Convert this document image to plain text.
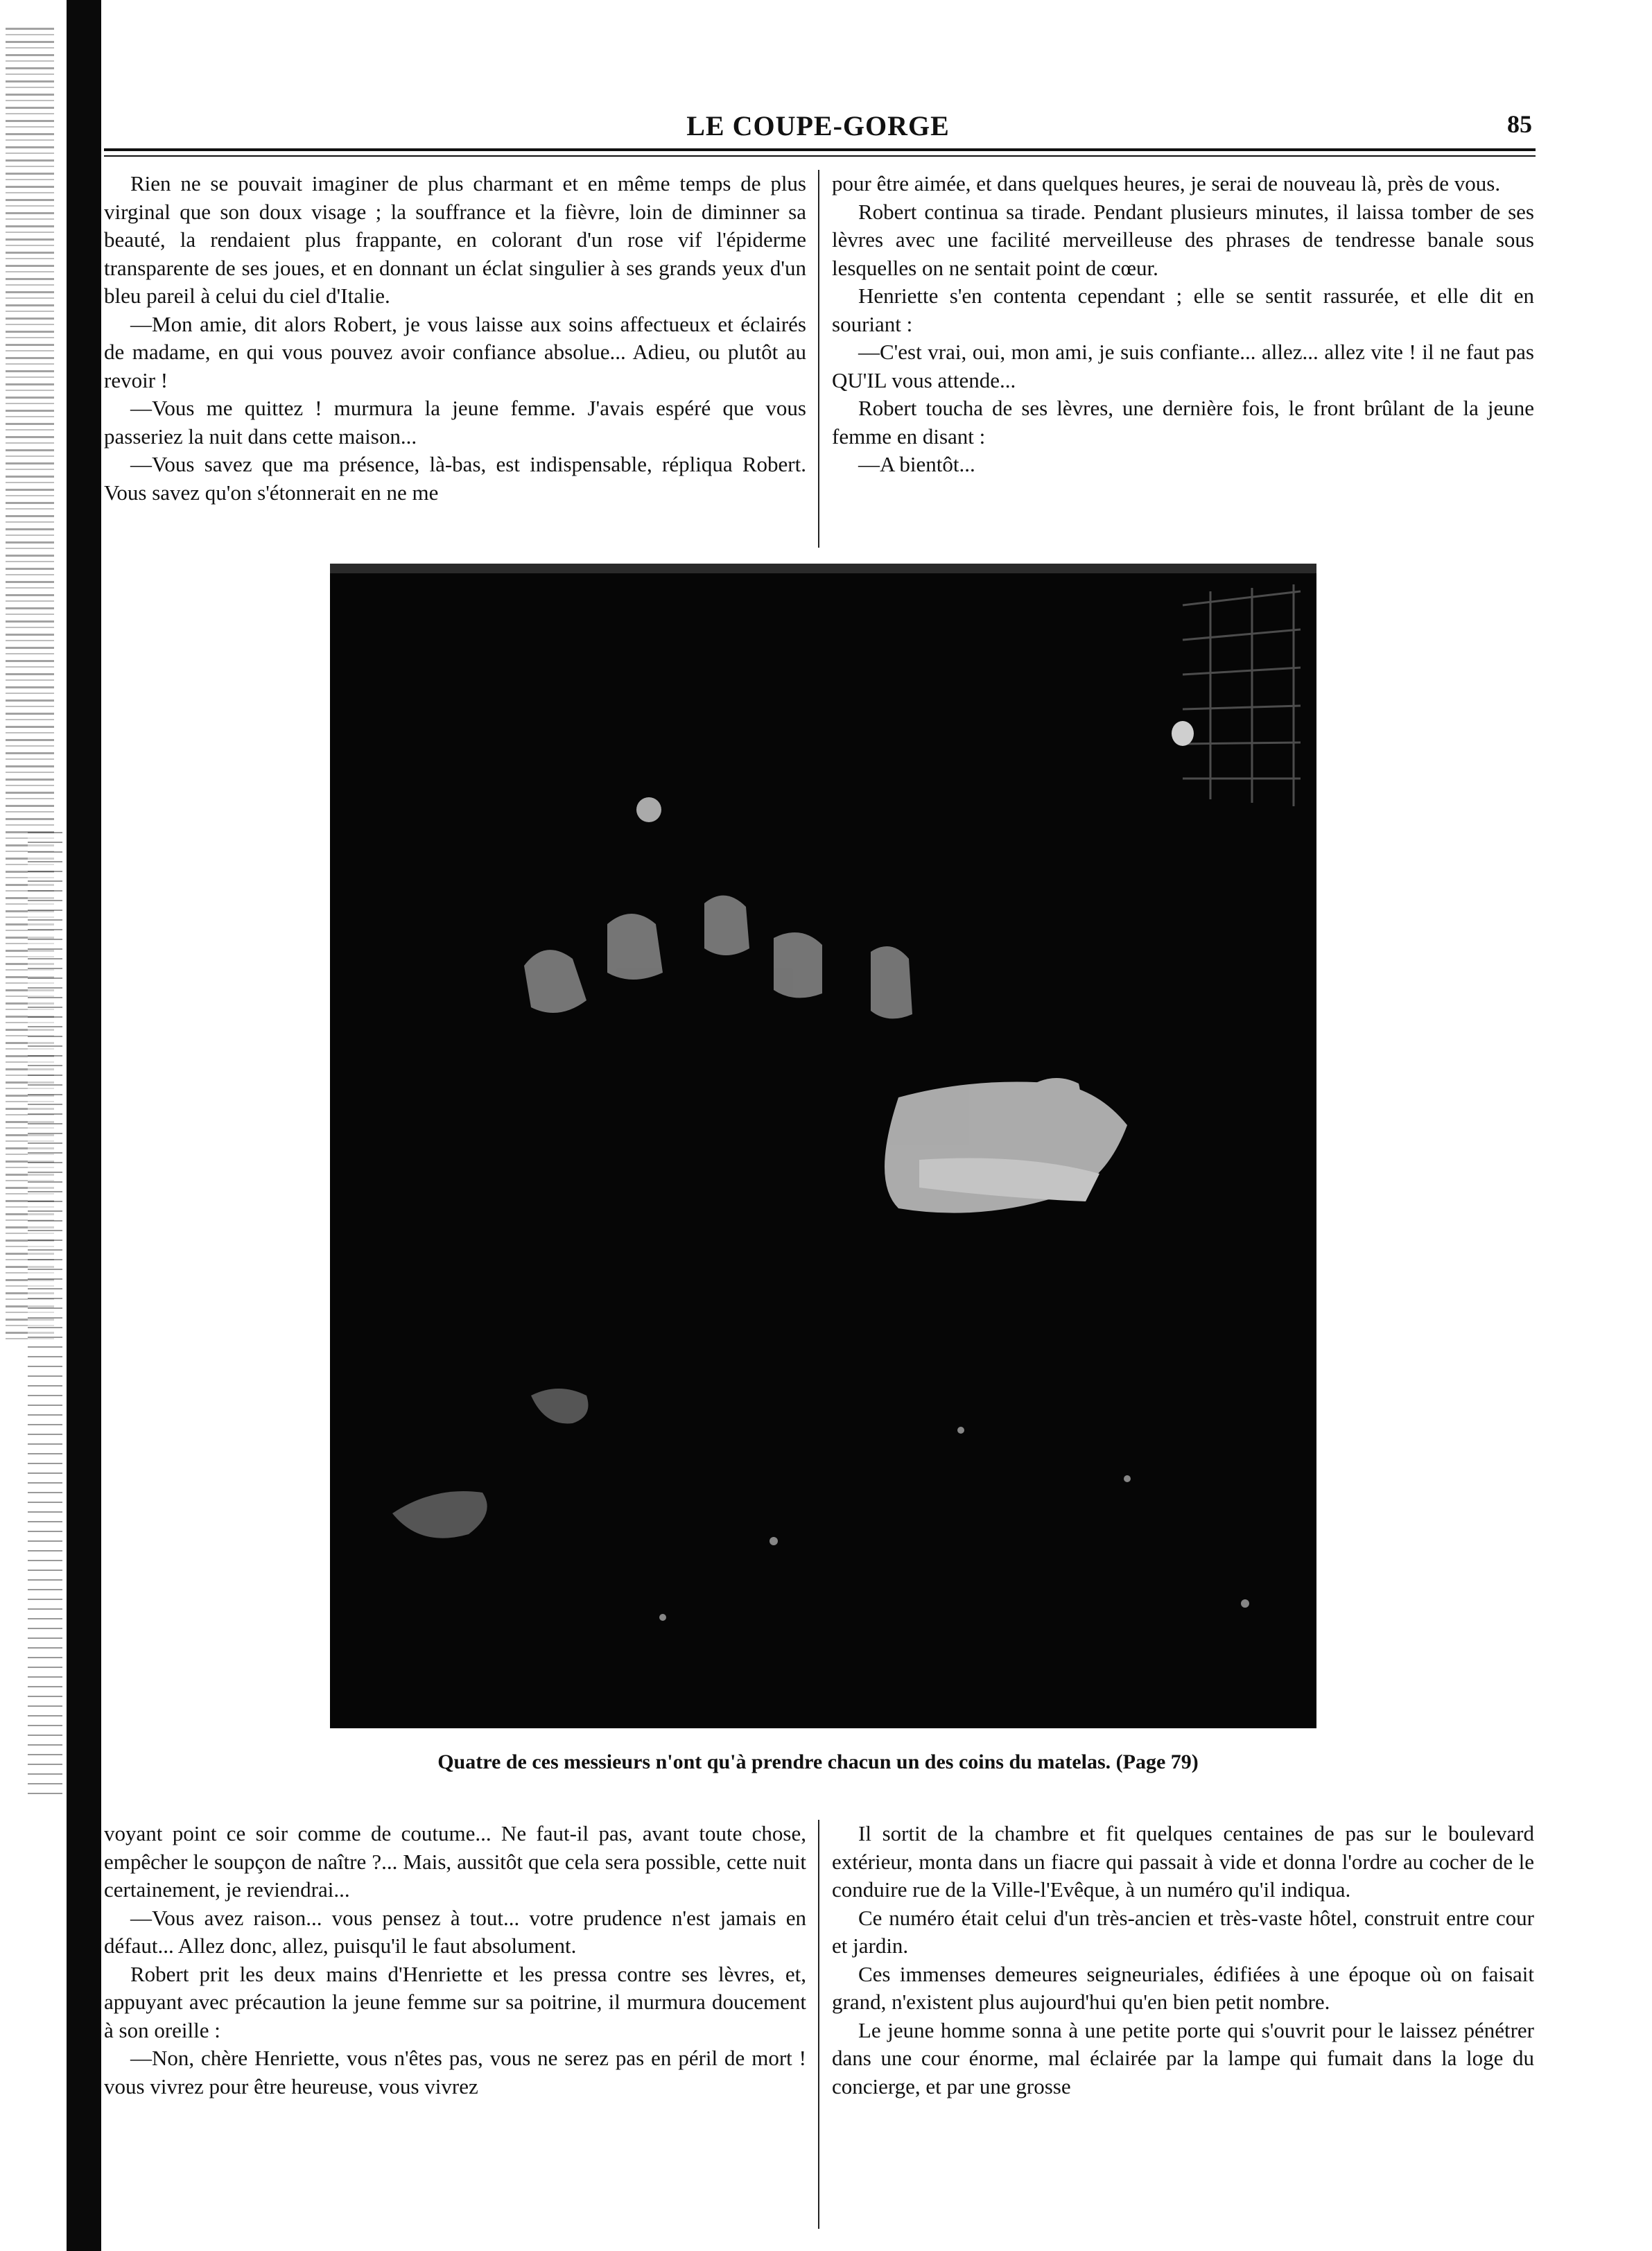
LE COUPE-GORGE	85

Rien ne se pouvait imaginer de plus charmant et en même temps de plus virginal que son doux visage ; la souffrance et la fièvre, loin de diminner sa beauté, la rendaient plus frappante, en colorant d'un rose vif l'épiderme transparente de ses joues, et en donnant un éclat singulier à ses grands yeux d'un bleu pareil à celui du ciel d'Italie.

—Mon amie, dit alors Robert, je vous laisse aux soins affectueux et éclairés de madame, en qui vous pouvez avoir confiance absolue... Adieu, ou plutôt au revoir !

—Vous me quittez ! murmura la jeune femme. J'avais espéré que vous passeriez la nuit dans cette maison...

—Vous savez que ma présence, là-bas, est indispensable, répliqua Robert. Vous savez qu'on s'étonnerait en ne me

pour être aimée, et dans quelques heures, je serai de nouveau là, près de vous.

Robert continua sa tirade. Pendant plusieurs minutes, il laissa tomber de ses lèvres avec une facilité merveilleuse des phrases de tendresse banale sous lesquelles on ne sentait point de cœur.

Henriette s'en contenta cependant ; elle se sentit rassurée, et elle dit en souriant :

—C'est vrai, oui, mon ami, je suis confiante... allez... allez vite ! il ne faut pas QU'IL vous attende...

Robert toucha de ses lèvres, une dernière fois, le front brûlant de la jeune femme en disant :

—A bientôt...

Quatre de ces messieurs n'ont qu'à prendre chacun un des coins du matelas. (Page 79)

voyant point ce soir comme de coutume... Ne faut-il pas, avant toute chose, empêcher le soupçon de naître ?... Mais, aussitôt que cela sera possible, cette nuit certainement, je reviendrai...

—Vous avez raison... vous pensez à tout... votre prudence n'est jamais en défaut... Allez donc, allez, puisqu'il le faut absolument.

Robert prit les deux mains d'Henriette et les pressa contre ses lèvres, et, appuyant avec précaution la jeune femme sur sa poitrine, il murmura doucement à son oreille :

—Non, chère Henriette, vous n'êtes pas, vous ne serez pas en péril de mort ! vous vivrez pour être heureuse, vous vivrez

Il sortit de la chambre et fit quelques centaines de pas sur le boulevard extérieur, monta dans un fiacre qui passait à vide et donna l'ordre au cocher de le conduire rue de la Ville-l'Evêque, à un numéro qu'il indiqua.

Ce numéro était celui d'un très-ancien et très-vaste hôtel, construit entre cour et jardin.

Ces immenses demeures seigneuriales, édifiées à une époque où on faisait grand, n'existent plus aujourd'hui qu'en bien petit nombre.

Le jeune homme sonna à une petite porte qui s'ouvrit pour le laissez pénétrer dans une cour énorme, mal éclairée par la lampe qui fumait dans la loge du concierge, et par une grosse
